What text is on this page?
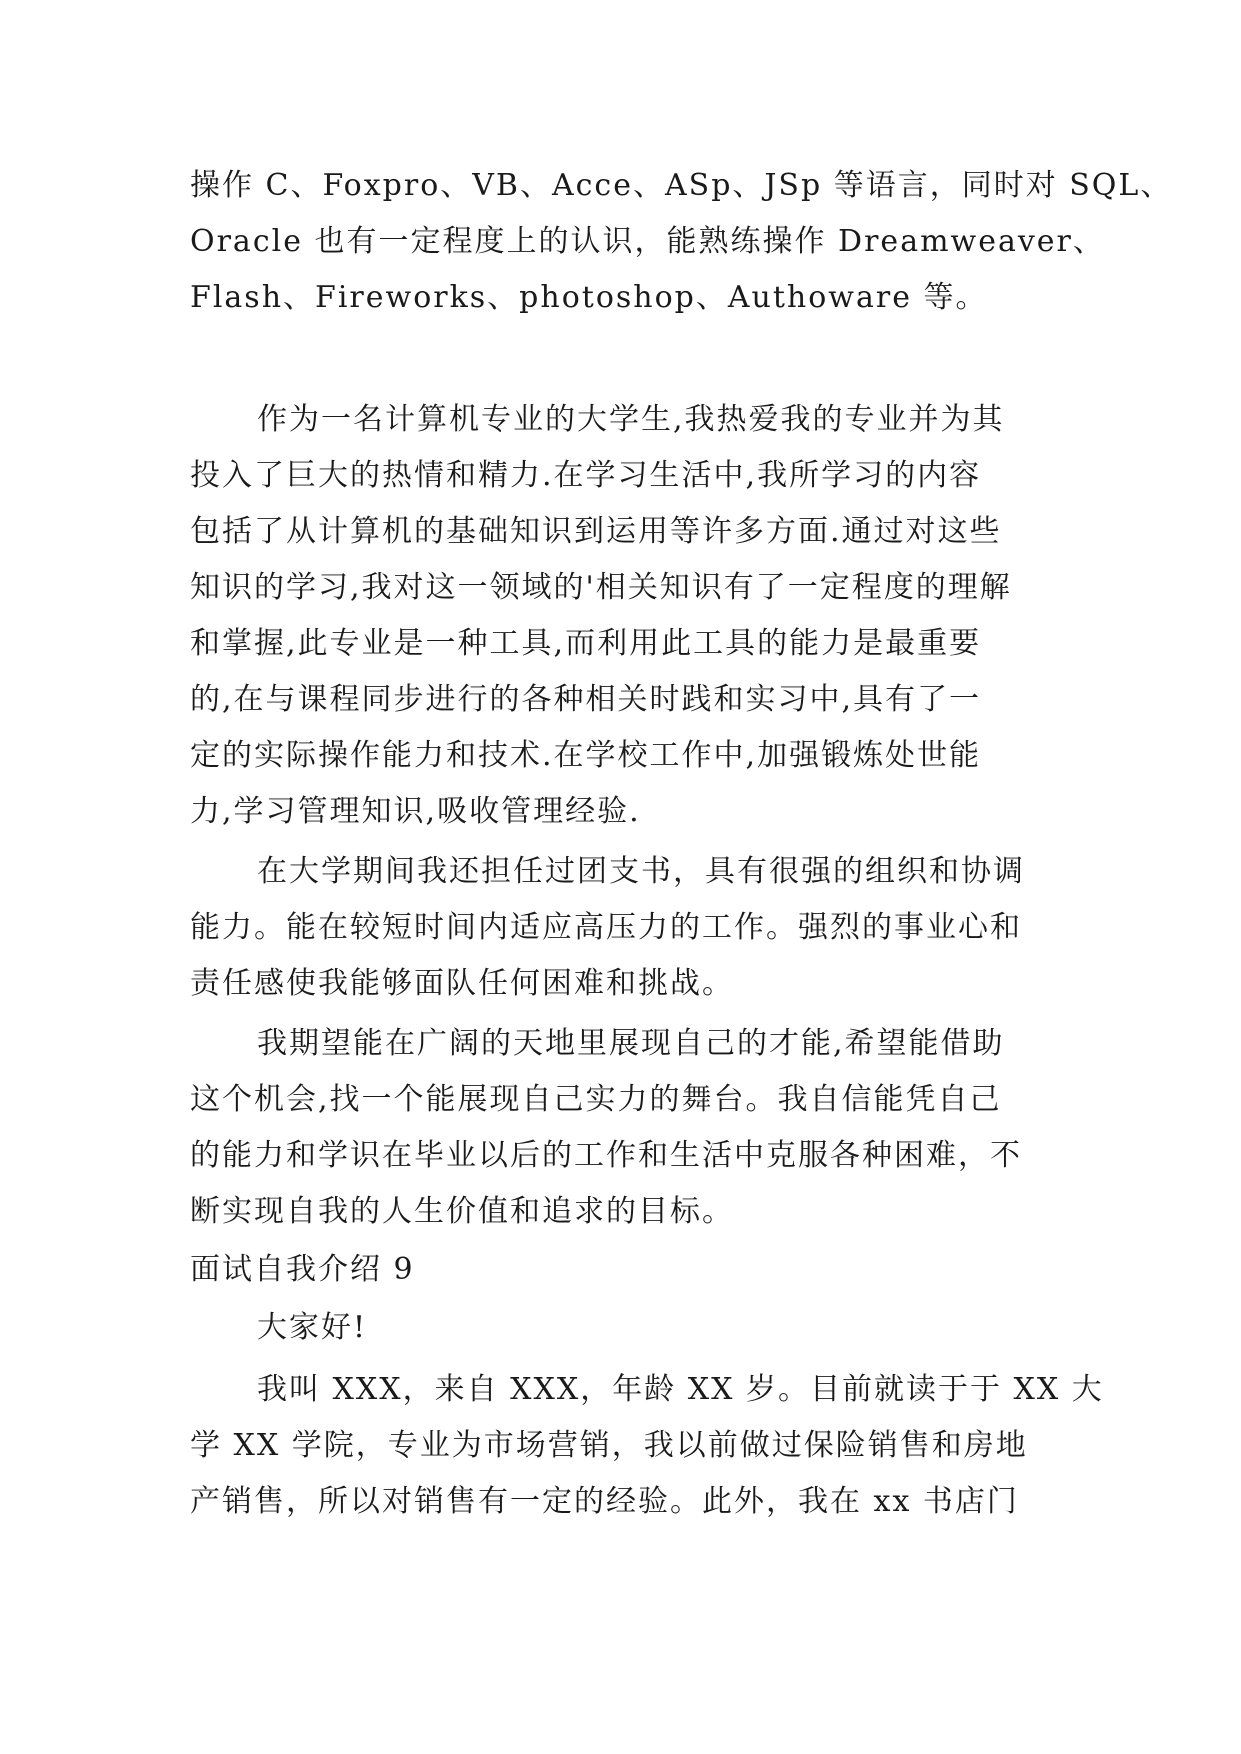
操作 C、Foxpro、VB、Acce、ASp、JSp 等语言，同时对 SQL、
Oracle 也有一定程度上的认识，能熟练操作 Dreamweaver、
Flash、Fireworks、photoshop、Authoware 等。
作为一名计算机专业的大学生,我热爱我的专业并为其
投入了巨大的热情和精力.在学习生活中,我所学习的内容
包括了从计算机的基础知识到运用等许多方面.通过对这些
知识的学习,我对这一领域的'相关知识有了一定程度的理解
和掌握,此专业是一种工具,而利用此工具的能力是最重要
的,在与课程同步进行的各种相关时践和实习中,具有了一
定的实际操作能力和技术.在学校工作中,加强锻炼处世能
力,学习管理知识,吸收管理经验.
在大学期间我还担任过团支书，具有很强的组织和协调
能力。能在较短时间内适应高压力的工作。强烈的事业心和
责任感使我能够面队任何困难和挑战。
我期望能在广阔的天地里展现自己的才能,希望能借助
这个机会,找一个能展现自己实力的舞台。我自信能凭自己
的能力和学识在毕业以后的工作和生活中克服各种困难，不
断实现自我的人生价值和追求的目标。
面试自我介绍 9
大家好!
我叫 XXX，来自 XXX，年龄 XX 岁。目前就读于于 XX 大
学 XX 学院，专业为市场营销，我以前做过保险销售和房地
产销售，所以对销售有一定的经验。此外，我在 xx 书店门
